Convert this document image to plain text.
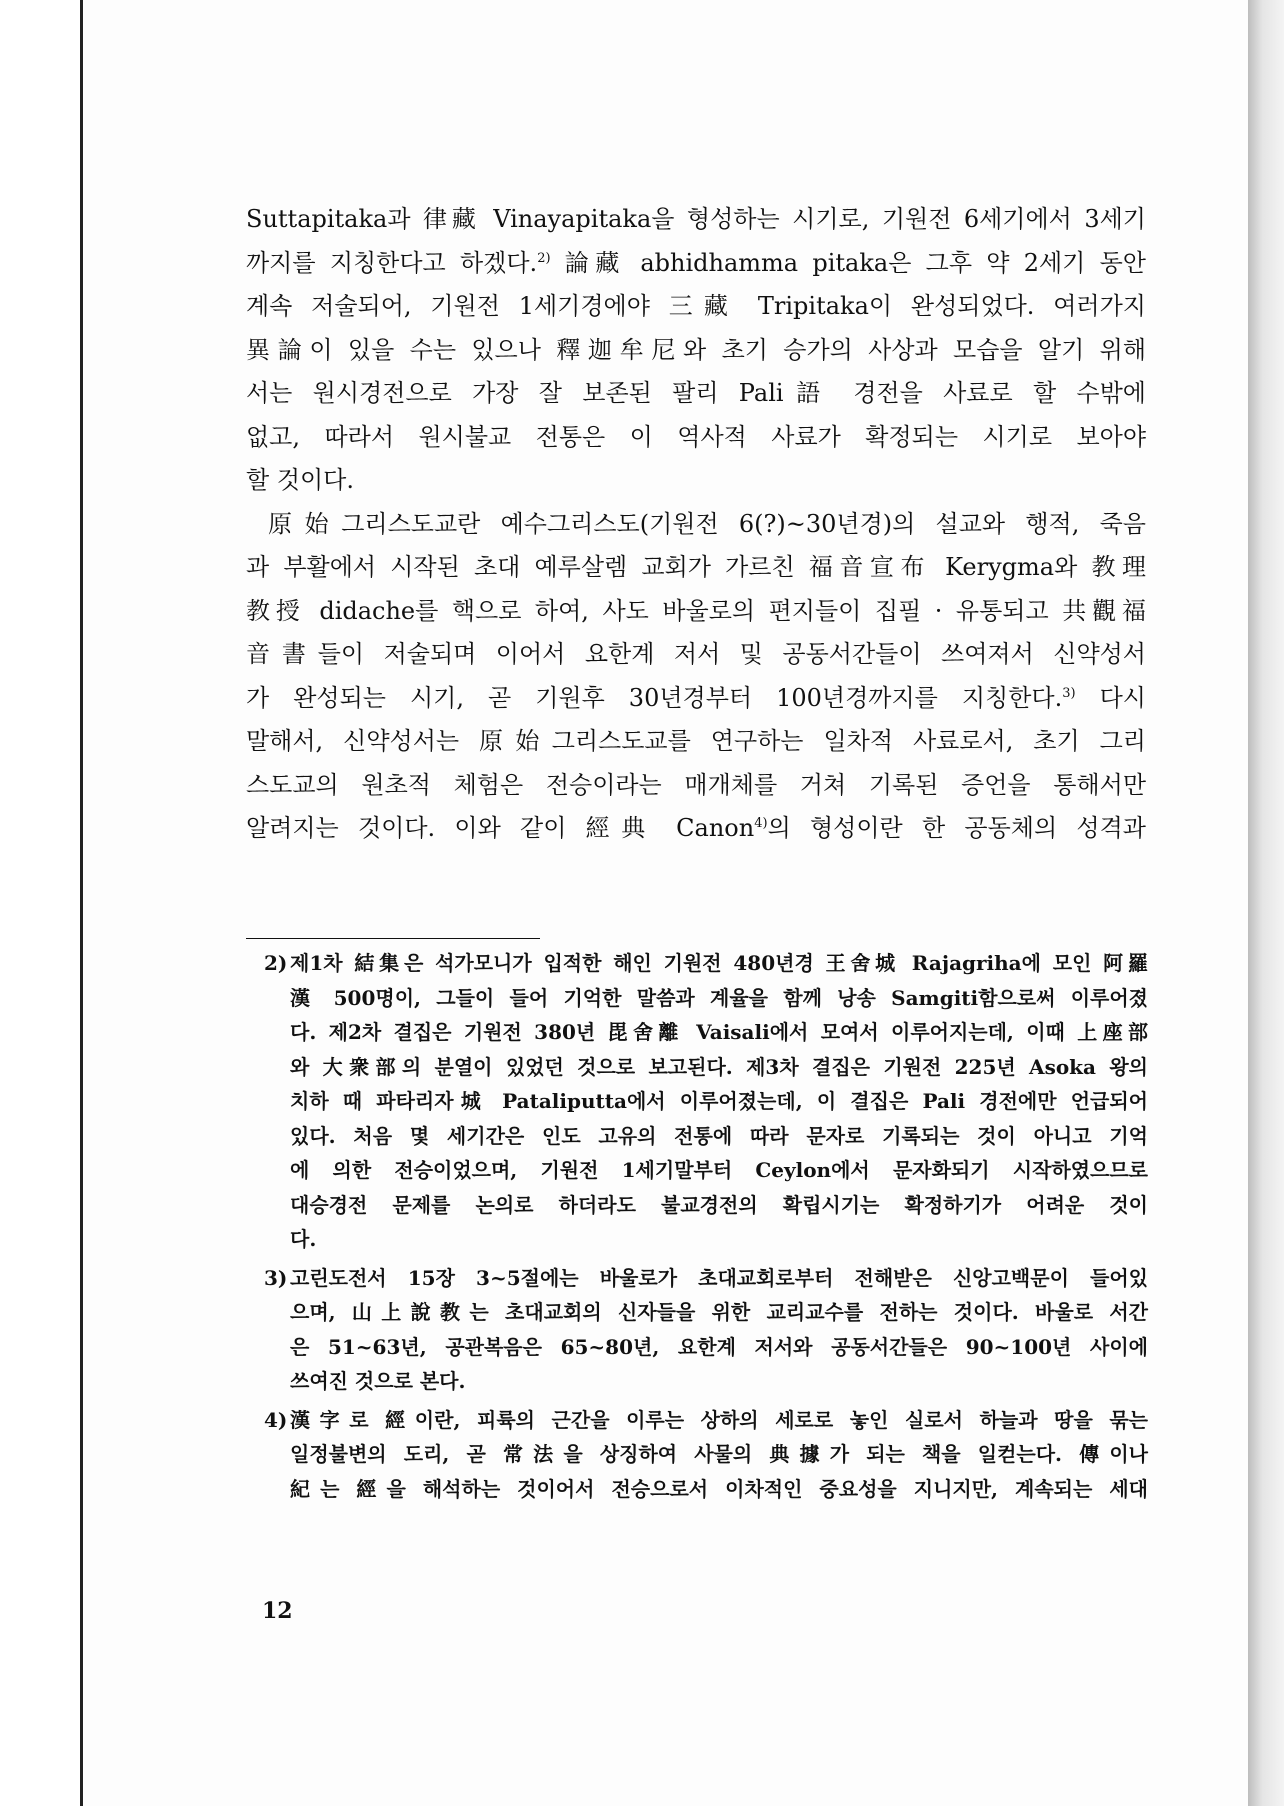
Suttapitaka과 律藏 Vinayapitaka을 형성하는 시기로, 기원전 6세기에서 3세기

까지를 지칭한다고 하겠다.$^{2)}$ 論藏 abhidhamma pitaka은 그후 약 2세기 동안

계속 저술되어, 기원전 1세기경에야 三藏 Tripitaka이 완성되었다. 여러가지

異論이 있을 수는 있으나 釋迦牟尼와 초기 승가의 사상과 모습을 알기 위해

서는 원시경전으로 가장 잘 보존된 팔리 Pali語 경전을 사료로 할 수밖에

없고, 따라서 원시불교 전통은 이 역사적 사료가 확정되는 시기로 보아야

할 것이다.

原始그리스도교란 예수그리스도(기원전 6(?)~30년경)의 설교와 행적, 죽음

과 부활에서 시작된 초대 예루살렘 교회가 가르친 福音宣布 Kerygma와 教理

教授 didache를 핵으로 하여, 사도 바울로의 편지들이 집필 · 유통되고 共觀福

音書들이 저술되며 이어서 요한계 저서 및 공동서간들이 쓰여져서 신약성서

가 완성되는 시기, 곧 기원후 30년경부터 100년경까지를 지칭한다.$^{3)}$ 다시

말해서, 신약성서는 原始그리스도교를 연구하는 일차적 사료로서, 초기 그리

스도교의 원초적 체험은 전승이라는 매개체를 거쳐 기록된 증언을 통해서만

알려지는 것이다. 이와 같이 經典 Canon$^{4)}$의 형성이란 한 공동체의 성격과

2) 제1차 結集은 석가모니가 입적한 해인 기원전 480년경 王舍城 Rajagriha에 모인 阿羅

漢 500명이, 그들이 들어 기억한 말씀과 계율을 함께 낭송 Samgiti함으로써 이루어졌

다. 제2차 결집은 기원전 380년 毘舍離 Vaisali에서 모여서 이루어지는데, 이때 上座部

와 大衆部의 분열이 있었던 것으로 보고된다. 제3차 결집은 기원전 225년 Asoka 왕의

치하 때 파타리자城 Pataliputta에서 이루어졌는데, 이 결집은 Pali 경전에만 언급되어

있다. 처음 몇 세기간은 인도 고유의 전통에 따라 문자로 기록되는 것이 아니고 기억

에 의한 전승이었으며, 기원전 1세기말부터 Ceylon에서 문자화되기 시작하였으므로

대승경전 문제를 논의로 하더라도 불교경전의 확립시기는 확정하기가 어려운 것이

다.

3) 고린도전서 15장 3~5절에는 바울로가 초대교회로부터 전해받은 신앙고백문이 들어있

으며, 山上說教는 초대교회의 신자들을 위한 교리교수를 전하는 것이다. 바울로 서간

은 51~63년, 공관복음은 65~80년, 요한계 저서와 공동서간들은 90~100년 사이에

쓰여진 것으로 본다.

4) 漢字로 經이란, 피륙의 근간을 이루는 상하의 세로로 놓인 실로서 하늘과 땅을 묶는

일정불변의 도리, 곧 常法을 상징하여 사물의 典據가 되는 책을 일컫는다. 傳이나

紀는 經을 해석하는 것이어서 전승으로서 이차적인 중요성을 지니지만, 계속되는 세대

12
